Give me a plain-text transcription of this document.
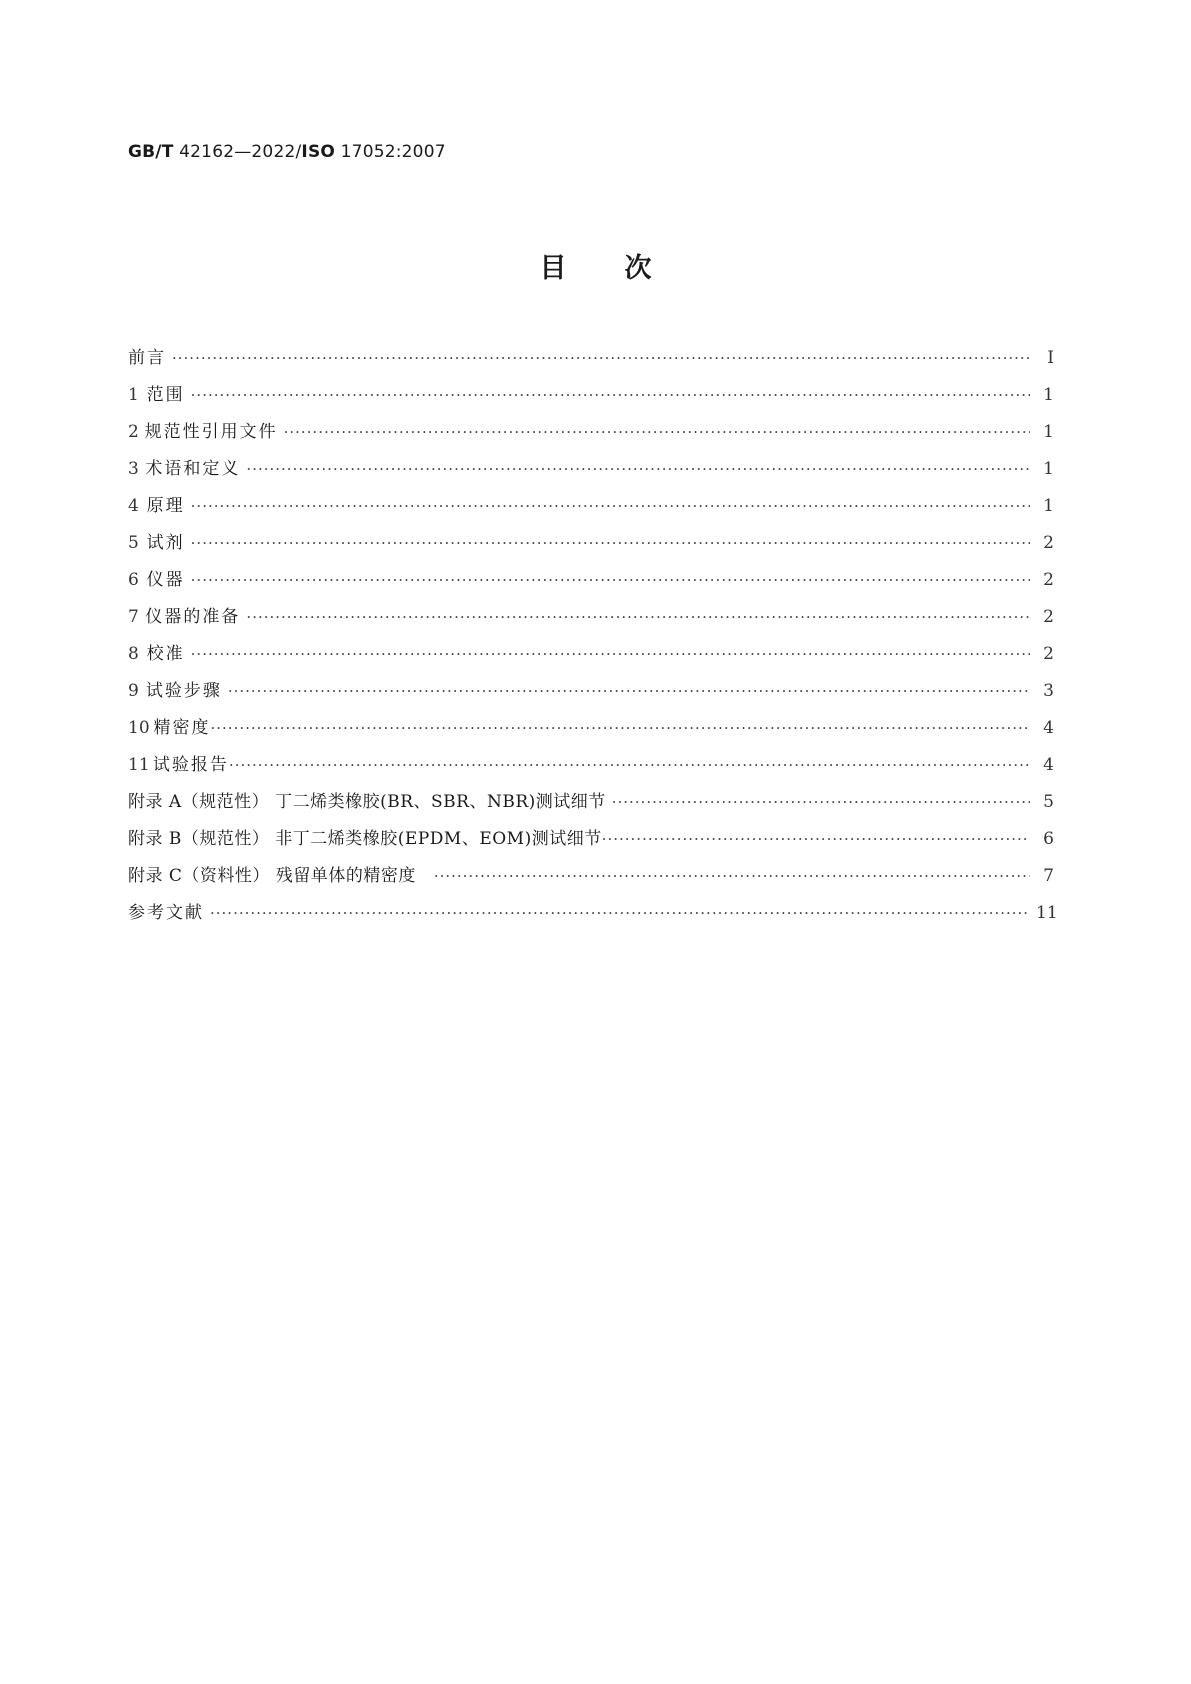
GB/T 42162—2022/ISO 17052:2007
目次
前言 ·····	Ⅰ
1 范围 ·····	1
2 规范性引用文件 ·····	1
3 术语和定义 ·····	1
4 原理 ·····	1
5 试剂 ·····	2
6 仪器 ·····	2
7 仪器的准备 ·····	2
8 校准 ·····	2
9 试验步骤 ·····	3
10 精密度 ·····	4
11 试验报告 ·····	4
附录 A（规范性） 丁二烯类橡胶(BR、SBR、NBR)测试细节 ·····	5
附录 B（规范性） 非丁二烯类橡胶(EPDM、EOM)测试细节 ·····	6
附录 C（资料性） 残留单体的精密度 ·····	7
参考文献 ·····	11
